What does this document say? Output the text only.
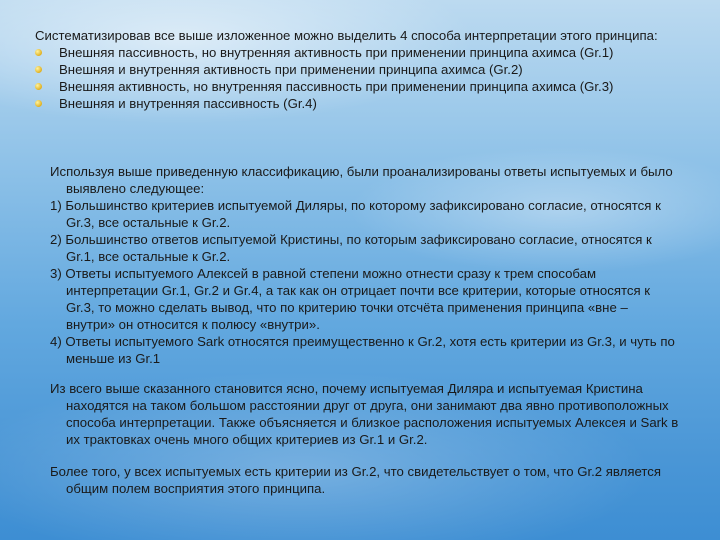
Систематизировав все выше изложенное можно выделить 4 способа интерпретации этого принципа:
Внешняя пассивность, но внутренняя активность при применении принципа ахимса (Gr.1)
Внешняя и внутренняя активность при применении принципа ахимса (Gr.2)
Внешняя активность, но внутренняя пассивность при применении принципа ахимса (Gr.3)
Внешняя и внутренняя пассивность (Gr.4)
Используя выше приведенную классификацию, были проанализированы ответы испытуемых и было выявлено следующее:
1) Большинство критериев испытуемой Диляры, по которому зафиксировано согласие, относятся к Gr.3, все остальные к Gr.2.
2) Большинство ответов испытуемой Кристины, по которым зафиксировано согласие, относятся к Gr.1, все остальные к Gr.2.
3) Ответы испытуемого Алексей в равной степени можно отнести сразу к трем способам интерпретации Gr.1, Gr.2 и Gr.4, а так как он отрицает почти все критерии, которые относятся к Gr.3, то можно сделать вывод, что по критерию точки отсчёта применения принципа «вне – внутри» он относится к полюсу «внутри».
4) Ответы испытуемого Sark относятся преимущественно к Gr.2, хотя есть критерии из Gr.3, и чуть по меньше из Gr.1
Из всего выше сказанного становится ясно, почему испытуемая Диляра и испытуемая Кристина находятся на таком большом расстоянии друг от друга, они занимают два явно противоположных способа интерпретации. Также объясняется и близкое расположения испытуемых Алексея и Sark в их трактовках очень много общих критериев из Gr.1 и Gr.2.
Более того, у всех испытуемых есть критерии из Gr.2, что свидетельствует о том, что Gr.2 является общим полем восприятия этого принципа.
